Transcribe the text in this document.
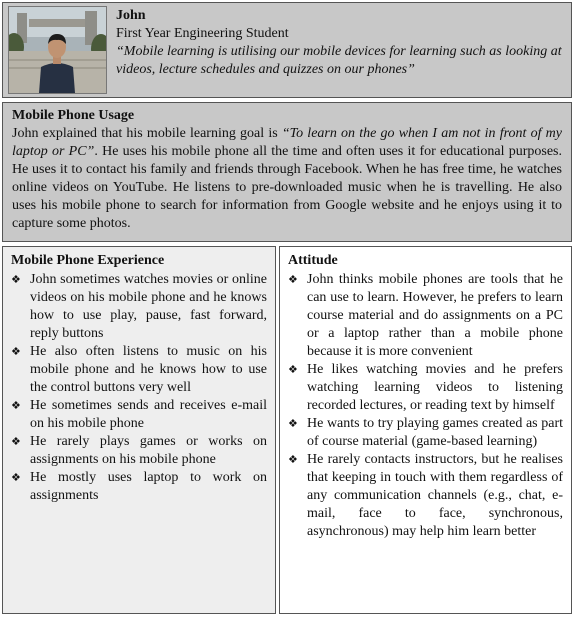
John
First Year Engineering Student
“Mobile learning is utilising our mobile devices for learning such as looking at videos, lecture schedules and quizzes on our phones”
Mobile Phone Usage
John explained that his mobile learning goal is “To learn on the go when I am not in front of my laptop or PC”. He uses his mobile phone all the time and often uses it for educational purposes. He uses it to contact his family and friends through Facebook. When he has free time, he watches online videos on YouTube. He listens to pre-downloaded music when he is travelling. He also uses his mobile phone to search for information from Google website and he enjoys using it to capture some photos.
Mobile Phone Experience
❖ John sometimes watches movies or online videos on his mobile phone and he knows how to use play, pause, fast forward, reply buttons
❖ He also often listens to music on his mobile phone and he knows how to use the control buttons very well
❖ He sometimes sends and receives e-mail on his mobile phone
❖ He rarely plays games or works on assignments on his mobile phone
❖ He mostly uses laptop to work on assignments
Attitude
❖ John thinks mobile phones are tools that he can use to learn. However, he prefers to learn course material and do assignments on a PC or a laptop rather than a mobile phone because it is more convenient
❖ He likes watching movies and he prefers watching learning videos to listening recorded lectures, or reading text by himself
❖ He wants to try playing games created as part of course material (game-based learning)
❖ He rarely contacts instructors, but he realises that keeping in touch with them regardless of any communication channels (e.g., chat, e-mail, face to face, synchronous, asynchronous) may help him learn better
